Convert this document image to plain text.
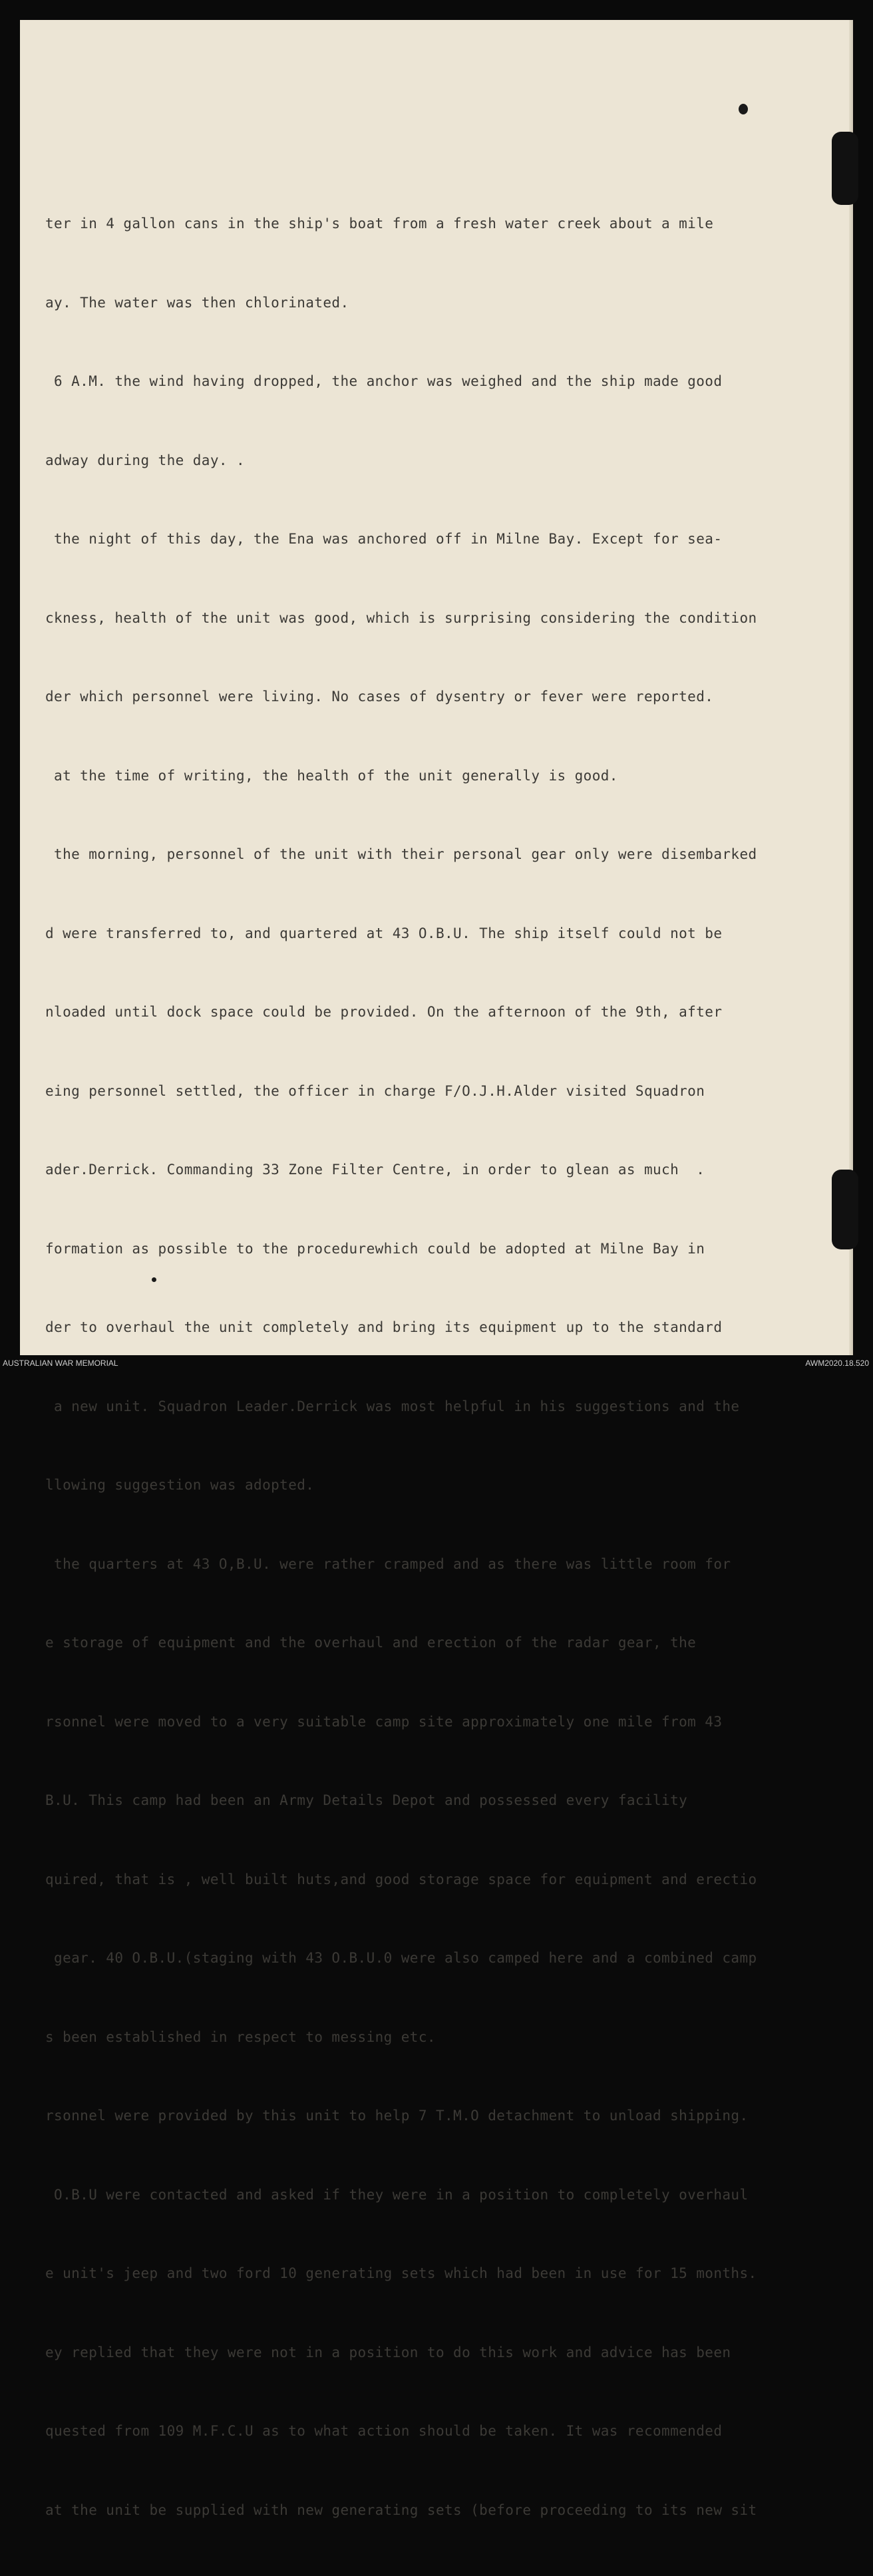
ter in 4 gallon cans in the ship's boat from a fresh water creek about a mile

ay. The water was then chlorinated.

6 A.M. the wind having dropped, the anchor was weighed and the ship made good

adway during the day. .

the night of this day, the Ena was anchored off in Milne Bay. Except for sea-

ckness, health of the unit was good, which is surprising considering the condition

der which personnel were living. No cases of dysentry or fever were reported.

at the time of writing, the health of the unit generally is good.

the morning, personnel of the unit with their personal gear only were disembarked

d were transferred to, and quartered at 43 O.B.U. The ship itself could not be

nloaded until dock space could be provided. On the afternoon of the 9th, after

eing personnel settled, the officer in charge F/O.J.H.Alder visited Squadron

ader.Derrick. Commanding 33 Zone Filter Centre, in order to glean as much  .

formation as possible to the procedurewhich could be adopted at Milne Bay in

der to overhaul the unit completely and bring its equipment up to the standard

a new unit. Squadron Leader.Derrick was most helpful in his suggestions and the

llowing suggestion was adopted.

the quarters at 43 O,B.U. were rather cramped and as there was little room for

e storage of equipment and the overhaul and erection of the radar gear, the

rsonnel were moved to a very suitable camp site approximately one mile from 43

B.U. This camp had been an Army Details Depot and possessed every facility

quired, that is , well built huts,and good storage space for equipment and erectio

gear. 40 O.B.U.(staging with 43 O.B.U.0 were also camped here and a combined camp

s been established in respect to messing etc.

rsonnel were provided by this unit to help 7 T.M.O detachment to unload shipping.

O.B.U were contacted and asked if they were in a position to completely overhaul

e unit's jeep and two ford 10 generating sets which had been in use for 15 months.

ey replied that they were not in a position to do this work and advice has been

quested from 109 M.F.C.U as to what action should be taken. It was recommended

at the unit be supplied with new generating sets (before proceeding to its new sit

AUSTRALIAN WAR MEMORIAL	AWM2020.18.520
